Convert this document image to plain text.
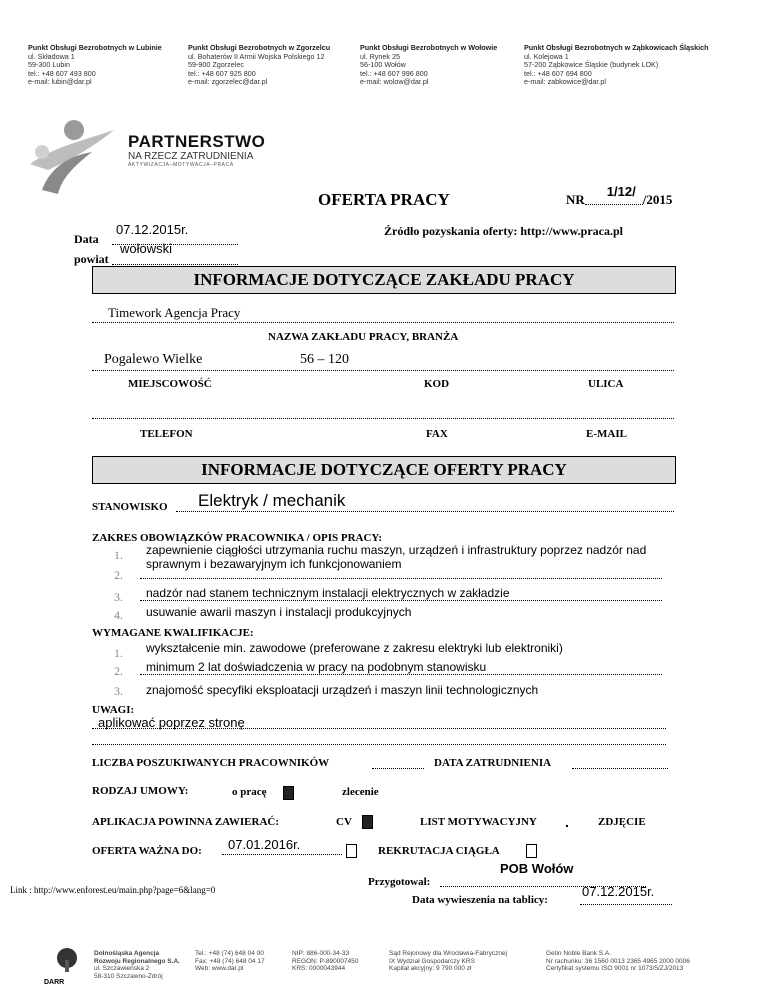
Punkt Obsługi Bezrobotnych w Lubinie
ul. Składowa 1
59-300 Lubin
tel.: +48 607 493 800
e-mail: lubin@dar.pl
Punkt Obsługi Bezrobotnych w Zgorzelcu
ul. Bohaterów II Armii Wojska Polskiego 12
59-900 Zgorzelec
tel.: +48 607 925 800
e-mail: zgorzelec@dar.pl
Punkt Obsługi Bezrobotnych w Wołowie
ul. Rynek 25
56-100 Wołów
tel.: +48 607 996 800
e-mail: wolow@dar.pl
Punkt Obsługi Bezrobotnych w Ząbkowicach Śląskich
ul. Kolejowa 1
57-200 Ząbkowice Śląskie (budynek LOK)
tel.: +48 607 694 800
e-mail: zabkowice@dar.pl
PARTNERSTWO
NA RZECZ ZATRUDNIENIA
AKTYWIZACJA–MOTYWACJA–PRACA
OFERTA PRACY	NR
1/12/
/2015
Data
07.12.2015r.
powiat
wołowski
Źródło pozyskania oferty: http://www.praca.pl
INFORMACJE DOTYCZĄCE ZAKŁADU PRACY
Timework Agencja Pracy
NAZWA ZAKŁADU PRACY, BRANŻA
Pogalewo Wielke	56 – 120
MIEJSCOWOŚĆ	KOD	ULICA
TELEFON	FAX	E-MAIL
INFORMACJE DOTYCZĄCE OFERTY PRACY
STANOWISKO Elektryk / mechanik
ZAKRES OBOWIĄZKÓW PRACOWNIKA / OPIS PRACY:
1. zapewnienie ciągłości utrzymania ruchu maszyn, urządzeń i infrastruktury poprzez nadzór nad sprawnym i bezawaryjnym ich funkcjonowaniem
2.
3. nadzór nad stanem technicznym instalacji elektrycznych w zakładzie
4. usuwanie awarii maszyn i instalacji produkcyjnych
WYMAGANE KWALIFIKACJE:
1. wykształcenie min. zawodowe (preferowane z zakresu elektryki lub elektroniki)
2. minimum 2 lat doświadczenia w pracy na podobnym stanowisku
3. znajomość specyfiki eksploatacji urządzeń i maszyn linii technologicznych
UWAGI:
aplikować poprzez stronę
LICZBA POSZUKIWANYCH PRACOWNIKÓW	DATA ZATRUDNIENIA
RODZAJ UMOWY:	o pracę	zlecenie
APLIKACJA POWINNA ZAWIERAĆ:	CV	LIST MOTYWACYJNY	ZDJĘCIE
OFERTA WAŻNA DO: 07.01.2016r.	REKRUTACJA CIĄGŁA
Link : http://www.enforest.eu/main.php?page=6&lang=0
Przygotował:
POB Wołów
Data wywieszenia na tablicy:
07.12.2015r.
DARR
Dolnośląska Agencja
Rozwoju Regionalnego S.A.
ul. Szczawieńska 2
58-310 Szczawno-Zdrój
Tel.: +48 (74) 648 04 00
Fax: +48 (74) 648 04 17
Web: www.dar.pl
NIP: 886-000-34-33
REGON: P-890007450
KRS: 0000043944
Sąd Rejonowy dla Wrocławia-Fabrycznej
IX Wydział Gospodarczy KRS
Kapitał akcyjny: 9 790 000 zł
Getin Noble Bank S.A.
Nr rachunku: 36 1560 0013 2365 4965 2000 0006
Certyfikat systemu ISO 9001 nr 1073/5/ZJ/2013
